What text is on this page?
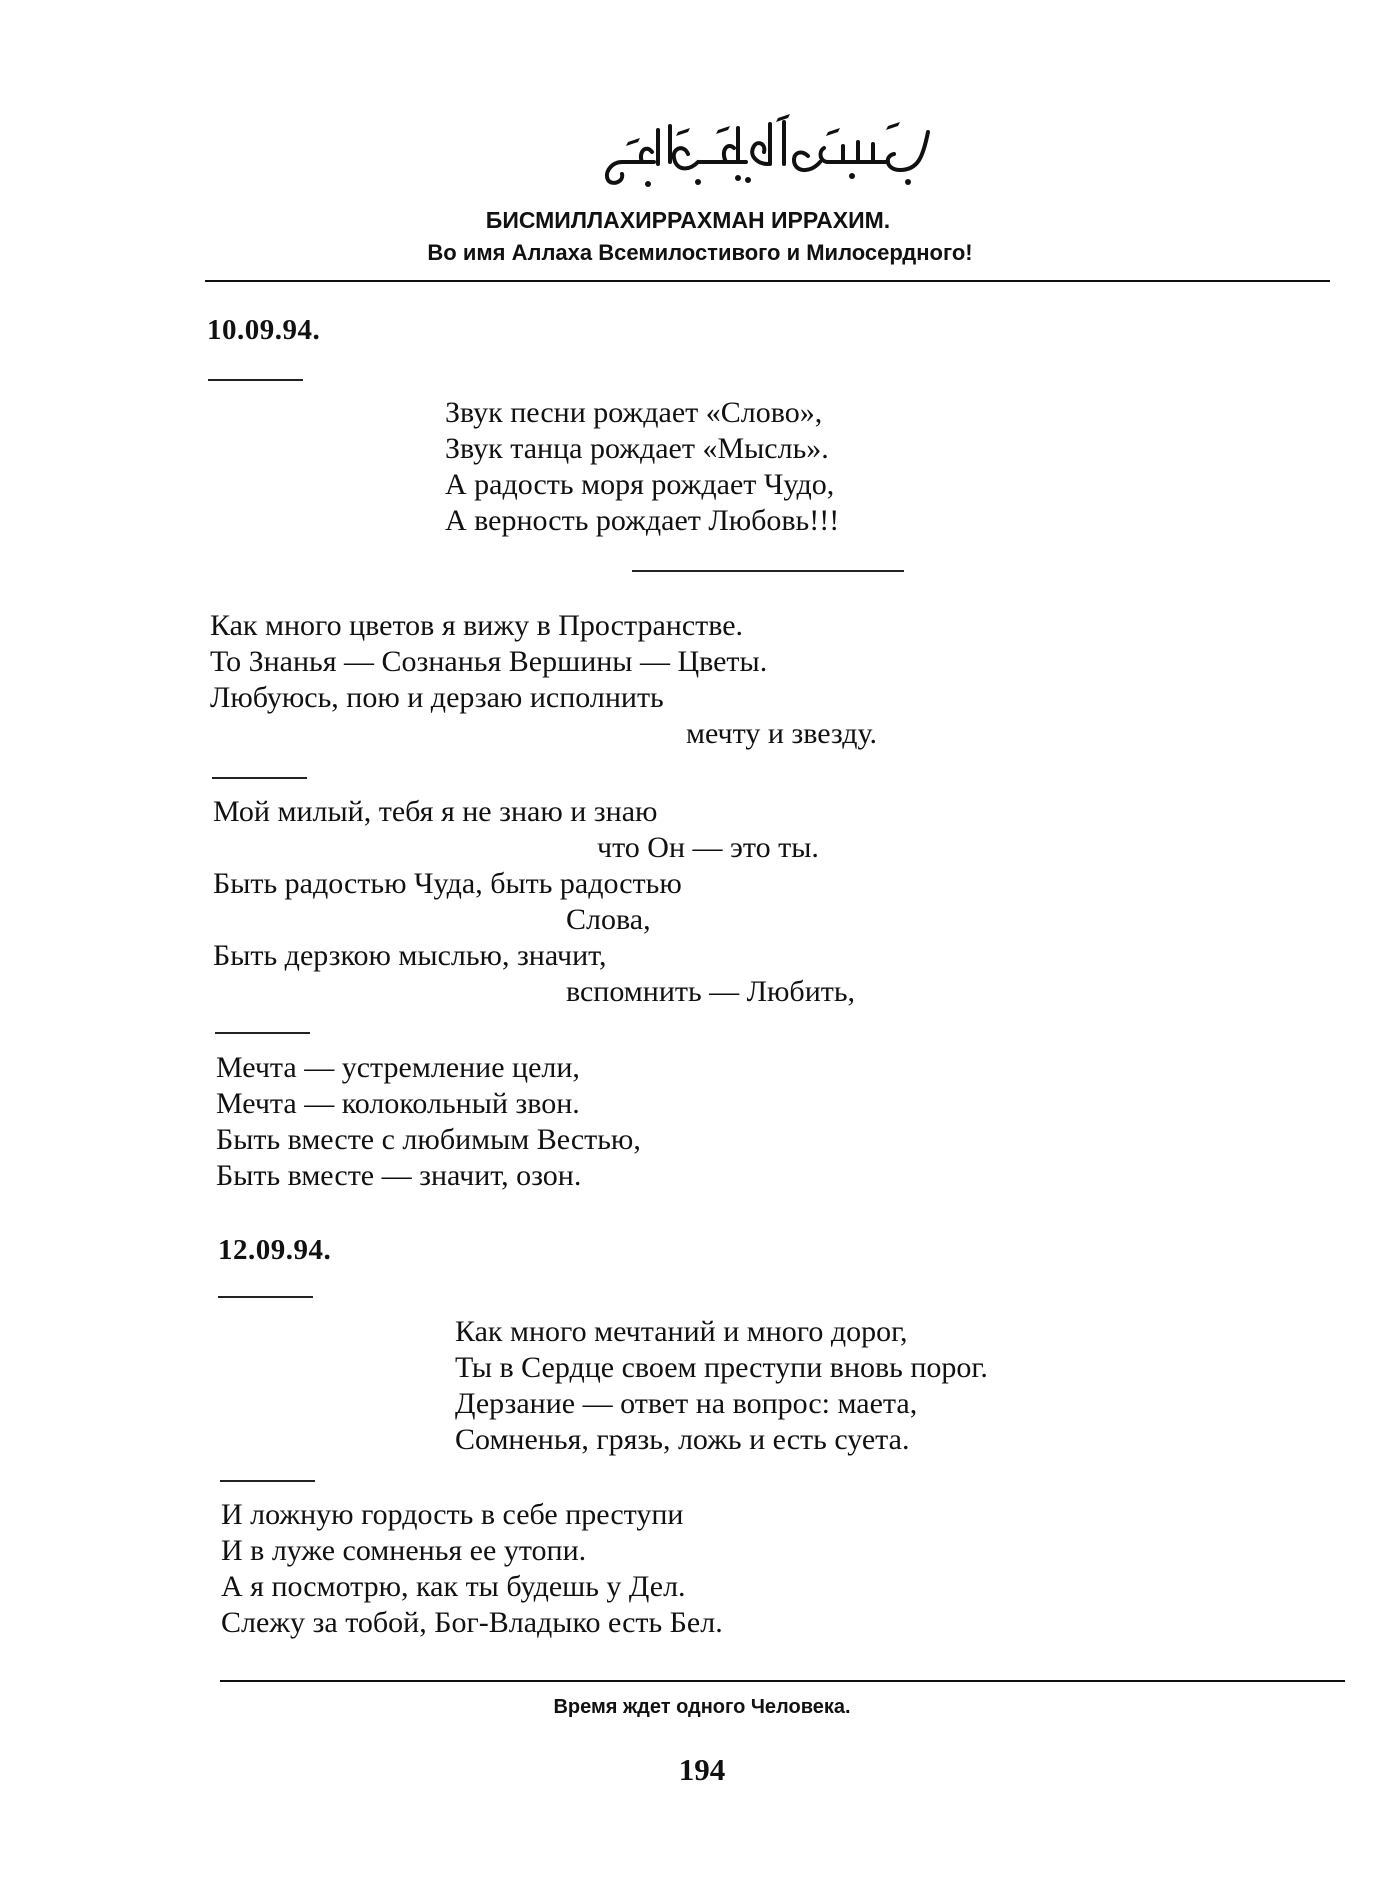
БИСМИЛЛАХИРРАХМАН ИРРАХИМ.
Во имя Аллаха Всемилостивого и Милосердного!
10.09.94.
Звук песни рождает «Слово»,
Звук танца рождает «Мысль».
А радость моря рождает Чудо,
А верность рождает Любовь!!!
Как много цветов я вижу в Пространстве.
То Знанья — Сознанья Вершины — Цветы.
Любуюсь, пою и дерзаю исполнить
мечту и звезду.
Мой милый, тебя я не знаю и знаю
что Он — это ты.
Быть радостью Чуда, быть радостью
Слова,
Быть дерзкою мыслью, значит,
вспомнить — Любить,
Мечта — устремление цели,
Мечта — колокольный звон.
Быть вместе с любимым Вестью,
Быть вместе — значит, озон.
12.09.94.
Как много мечтаний и много дорог,
Ты в Сердце своем преступи вновь порог.
Дерзание — ответ на вопрос: маета,
Сомненья, грязь, ложь и есть суета.
И ложную гордость в себе преступи
И в луже сомненья ее утопи.
А я посмотрю, как ты будешь у Дел.
Слежу за тобой, Бог-Владыко есть Бел.
Время ждет одного Человека.
194
